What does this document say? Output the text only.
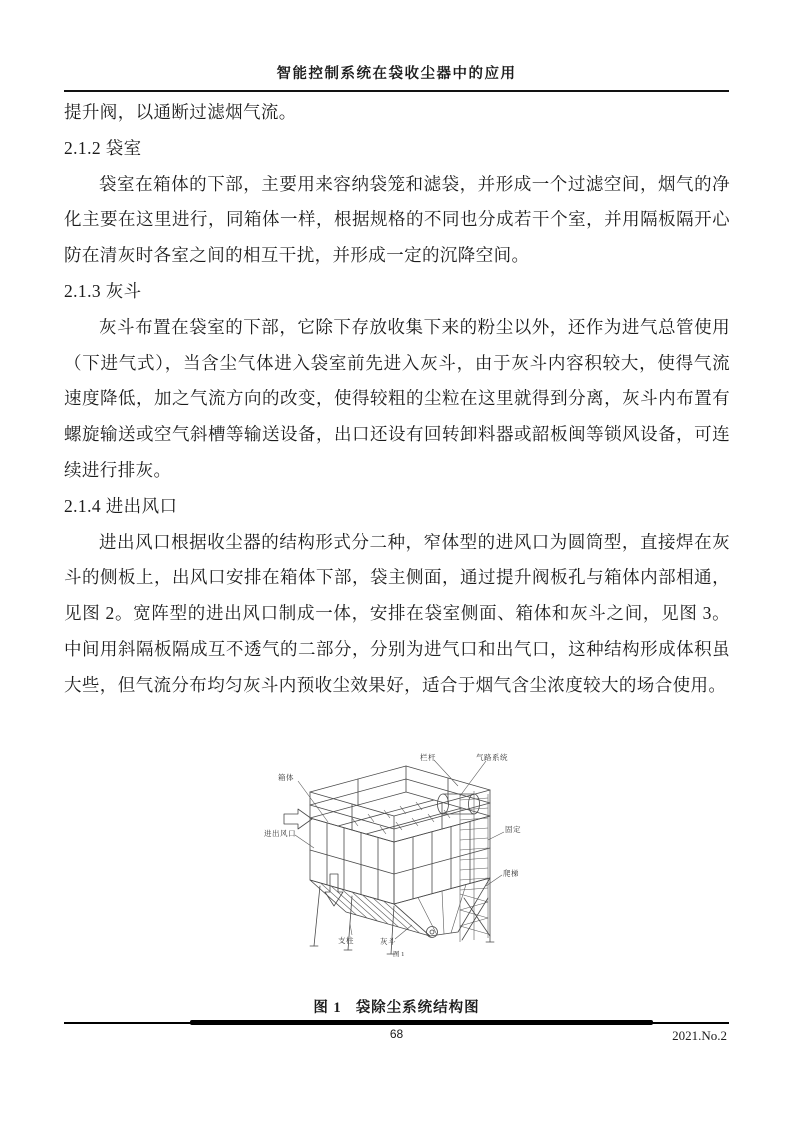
智能控制系统在袋收尘器中的应用

提升阀，以通断过滤烟气流。

2.1.2 袋室

袋室在箱体的下部，主要用来容纳袋笼和滤袋，并形成一个过滤空间，烟气的净化主要在这里进行，同箱体一样，根据规格的不同也分成若干个室，并用隔板隔开心防在清灰时各室之间的相互干扰，并形成一定的沉降空间。

2.1.3 灰斗

灰斗布置在袋室的下部，它除下存放收集下来的粉尘以外，还作为进气总管使用（下进气式），当含尘气体进入袋室前先进入灰斗，由于灰斗内容积较大，使得气流速度降低，加之气流方向的改变，使得较粗的尘粒在这里就得到分离，灰斗内布置有螺旋输送或空气斜槽等输送设备，出口还设有回转卸料器或韶板闽等锁风设备，可连续进行排灰。

2.1.4 进出风口

进出风口根据收尘器的结构形式分二种，窄体型的进风口为圆筒型，直接焊在灰斗的侧板上，出风口安排在箱体下部，袋主侧面，通过提升阀板孔与箱体内部相通，见图 2。宽阵型的进出风口制成一体，安排在袋室侧面、箱体和灰斗之间，见图 3。中间用斜隔板隔成互不透气的二部分，分别为进气口和出气口，这种结构形成体积虽大些，但气流分布均匀灰斗内预收尘效果好，适合于烟气含尘浓度较大的场合使用。

箱体
栏杆	气路系统
进出风口	固定
爬梯
支柱	灰斗
图 1
图 1 袋除尘系统结构图
68	2021.No.2
